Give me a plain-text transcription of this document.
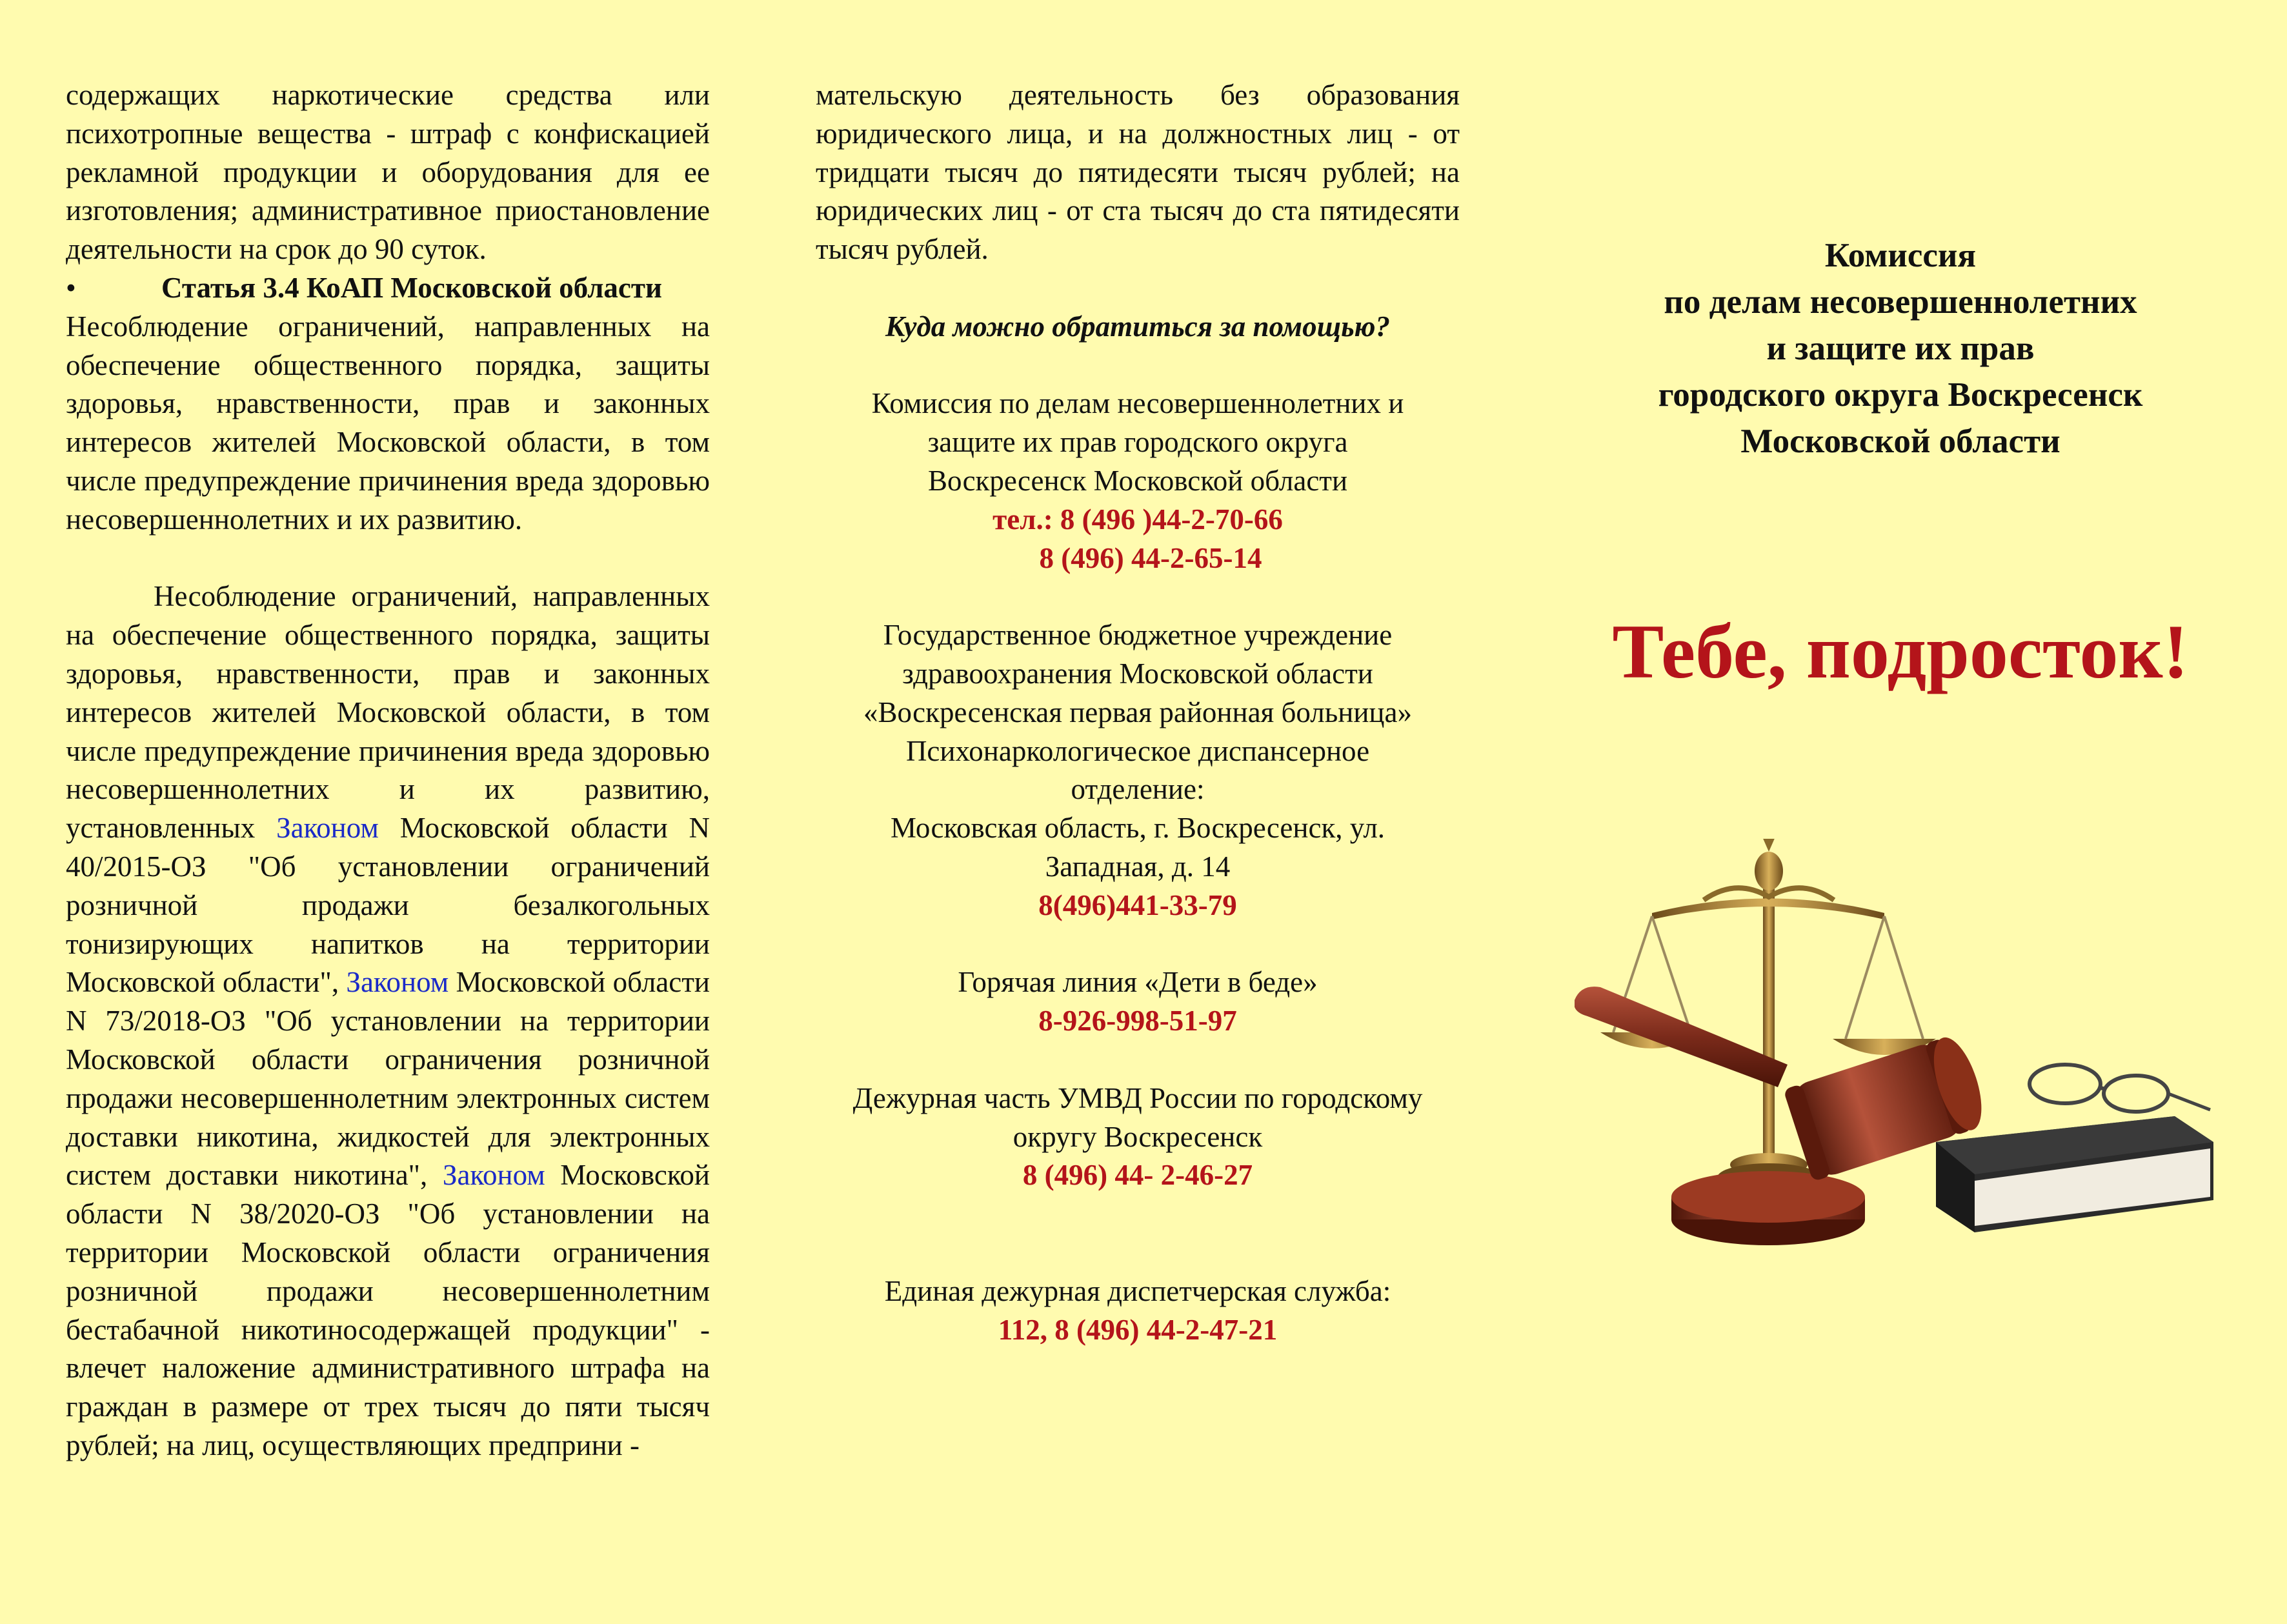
содержащих наркотические средства или психотропные вещества - штраф с конфискацией рекламной продукции и оборудования для ее изготовления; административное приостановление деятельности на срок до 90 суток.

•	Статья 3.4 КоАП Московской области

Несоблюдение ограничений, направленных на обеспечение общественного порядка, защиты здоровья, нравственности, прав и законных интересов жителей Московской области, в том числе предупреждение причинения вреда здоровью несовершеннолетних и их развитию.

Несоблюдение ограничений, направленных на обеспечение общественного порядка, защиты здоровья, нравственности, прав и законных интересов жителей Московской области, в том числе предупреждение причинения вреда здоровью несовершеннолетних и их развитию, установленных Законом Московской области N 40/2015-ОЗ "Об установлении ограничений розничной продажи безалкогольных тонизирующих напитков на территории Московской области", Законом Московской области N 73/2018-ОЗ "Об установлении на территории Московской области ограничения розничной продажи несовершеннолетним электронных систем доставки никотина, жидкостей для электронных систем доставки никотина", Законом Московской области N 38/2020-ОЗ "Об установлении на территории Московской области ограничения розничной продажи несовершеннолетним бестабачной никотиносодержащей продукции" - влечет наложение административного штрафа на граждан в размере от трех тысяч до пяти тысяч рублей; на лиц, осуществляющих предприни -

мательскую деятельность без образования юридического лица, и на должностных лиц - от тридцати тысяч до пятидесяти тысяч рублей; на юридических лиц - от ста тысяч до ста пятидесяти тысяч рублей.

Куда можно обратиться за помощью?

Комиссия по делам несовершеннолетних и

защите их прав городского округа

Воскресенск Московской области

тел.: 8 (496 )44-2-70-66

8 (496) 44-2-65-14

Государственное бюджетное учреждение

здравоохранения Московской области

«Воскресенская первая районная больница»

Психонаркологическое диспансерное

отделение:

Московская область, г. Воскресенск, ул.

Западная, д. 14

8(496)441-33-79

Горячая линия «Дети в беде»

8-926-998-51-97

Дежурная часть УМВД России по городскому

округу Воскресенск

8 (496) 44- 2-46-27

Единая дежурная диспетчерская служба:

112, 8 (496) 44-2-47-21

Комиссия

по делам несовершеннолетних

и защите их прав

городского округа Воскресенск

Московской области

Тебе, подросток!
